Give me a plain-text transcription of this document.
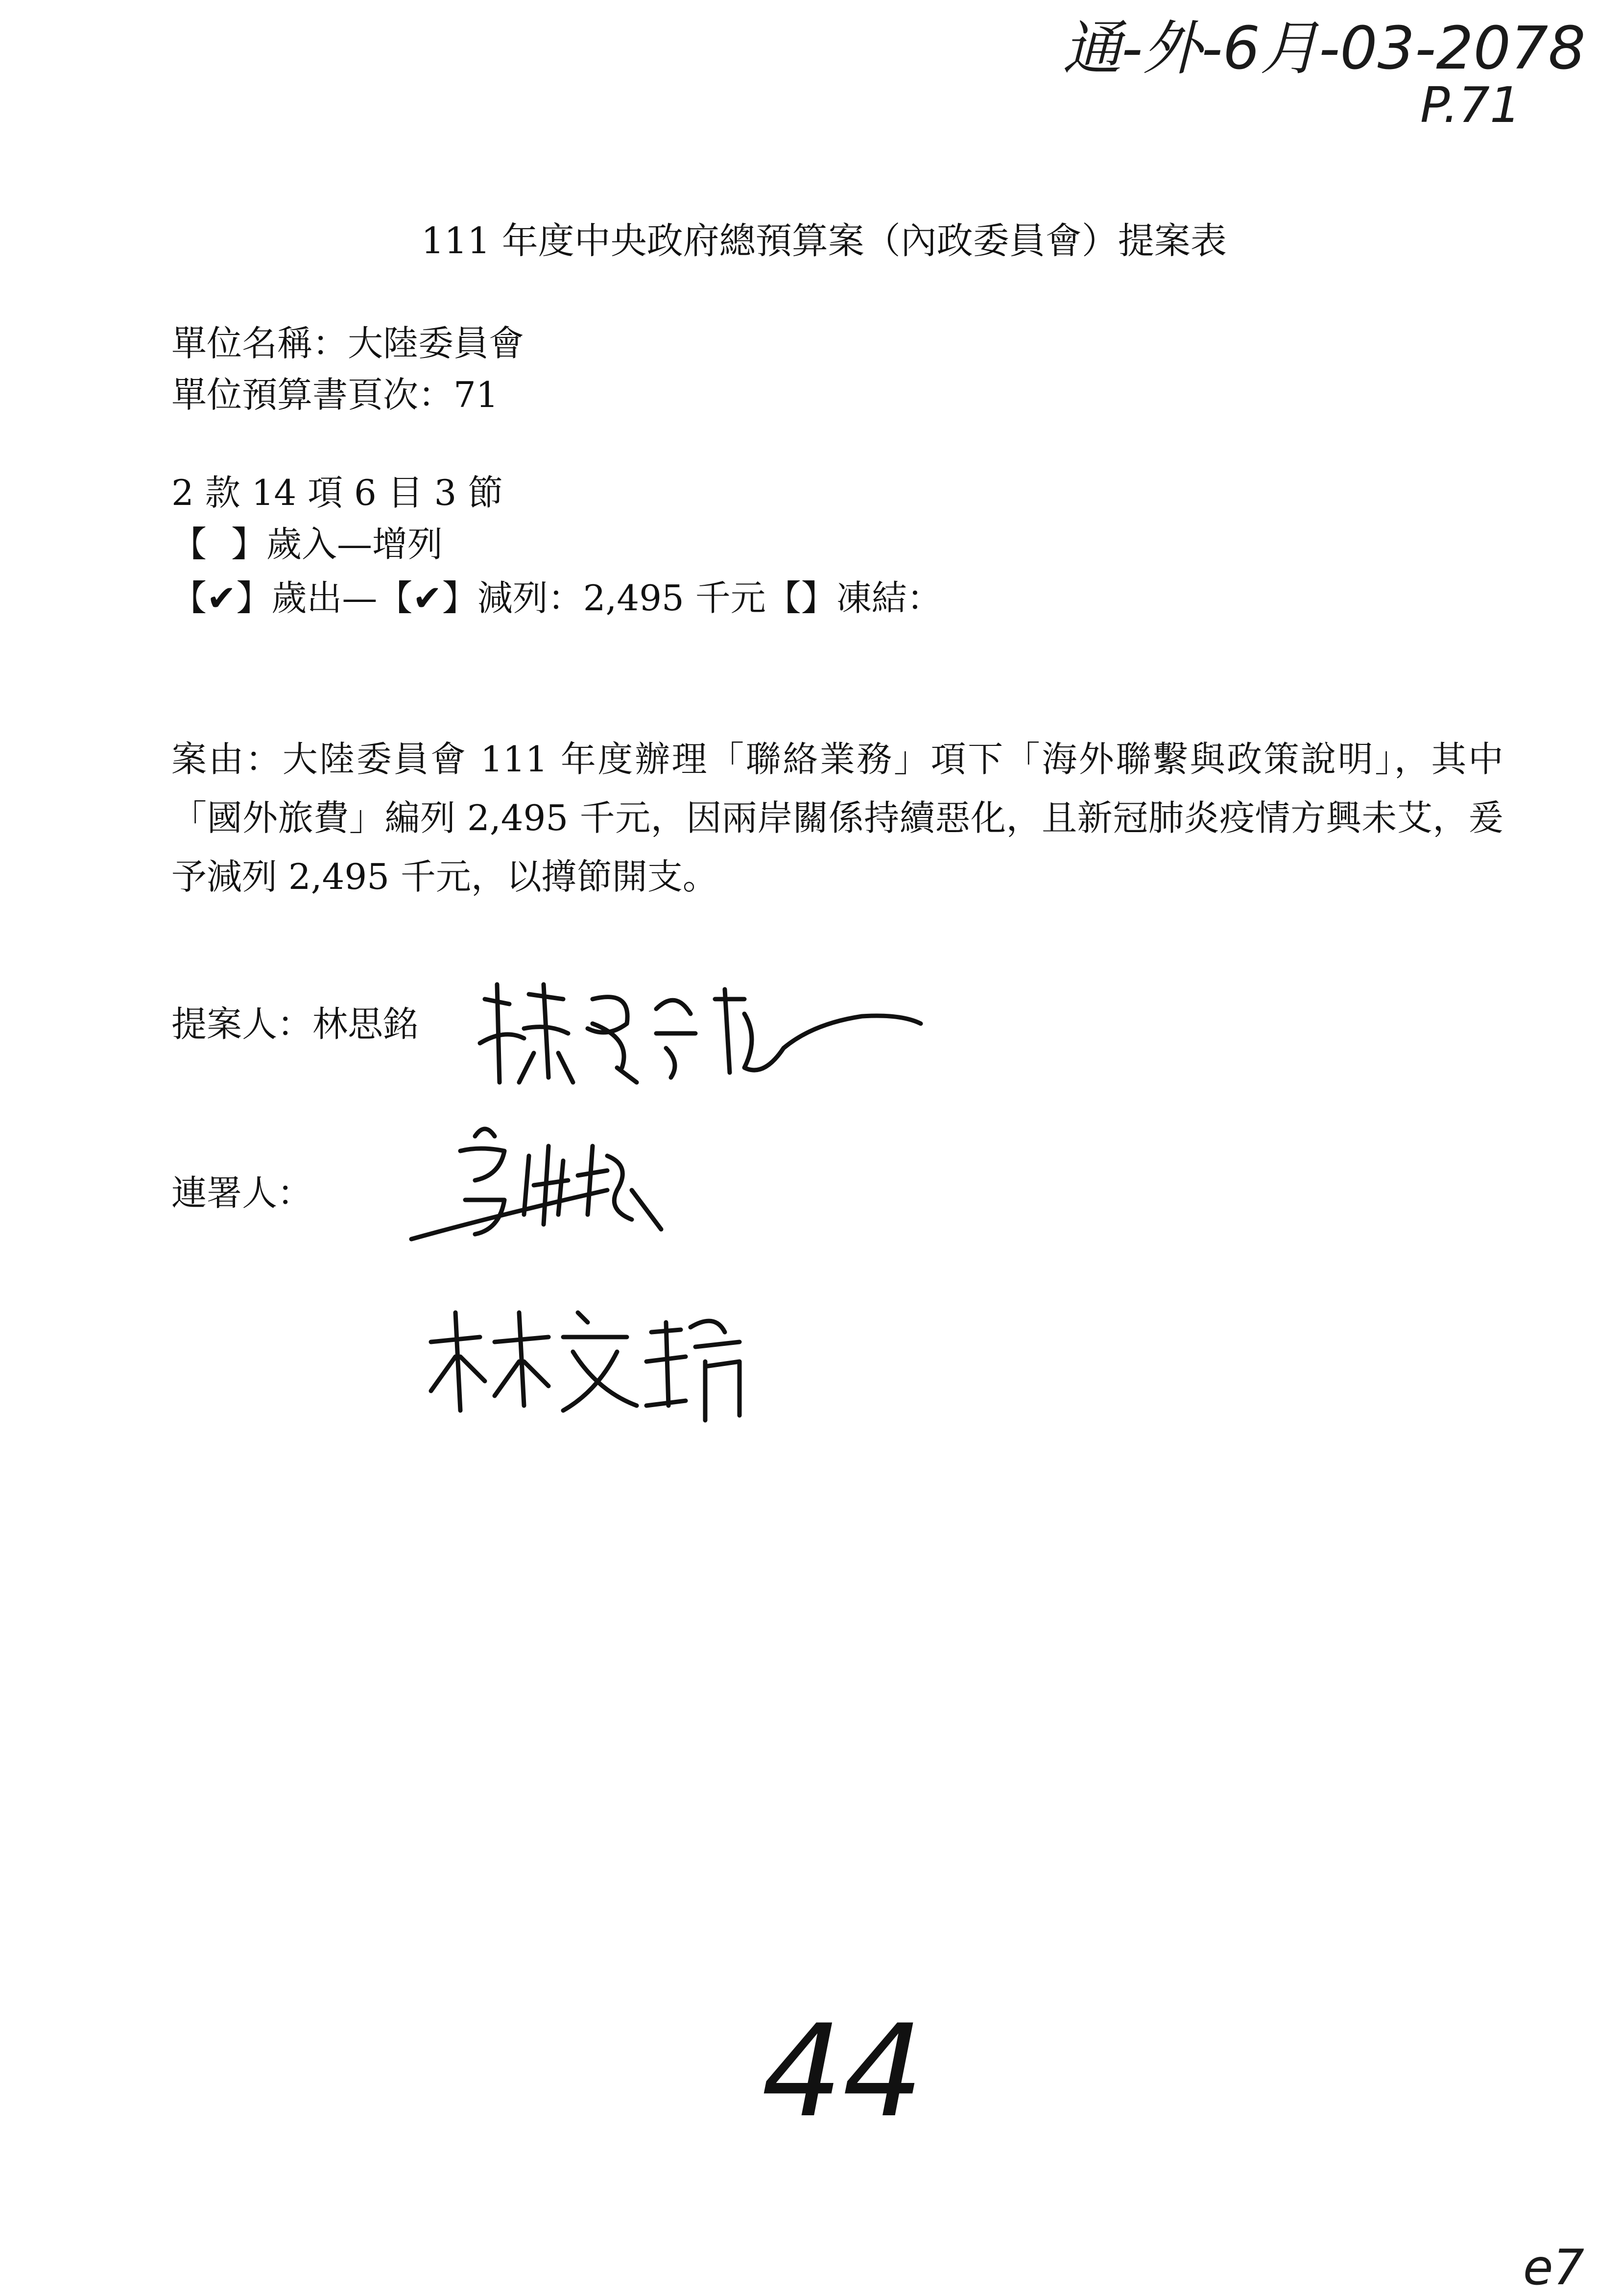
通-外-6月-03-2078
P.71
111 年度中央政府總預算案（內政委員會）提案表
單位名稱：大陸委員會
單位預算書頁次：71
2 款 14 項 6 目 3 節
【 】歲入—增列
【✔】歲出—【✔】減列：2,495 千元【】凍結：
案由：大陸委員會 111 年度辦理「聯絡業務」項下「海外聯繫與政策說明」，其中「國外旅費」編列 2,495 千元，因兩岸關係持續惡化，且新冠肺炎疫情方興未艾，爰予減列 2,495 千元，以撙節開支。
提案人：林思銘
連署人：
44
e7
